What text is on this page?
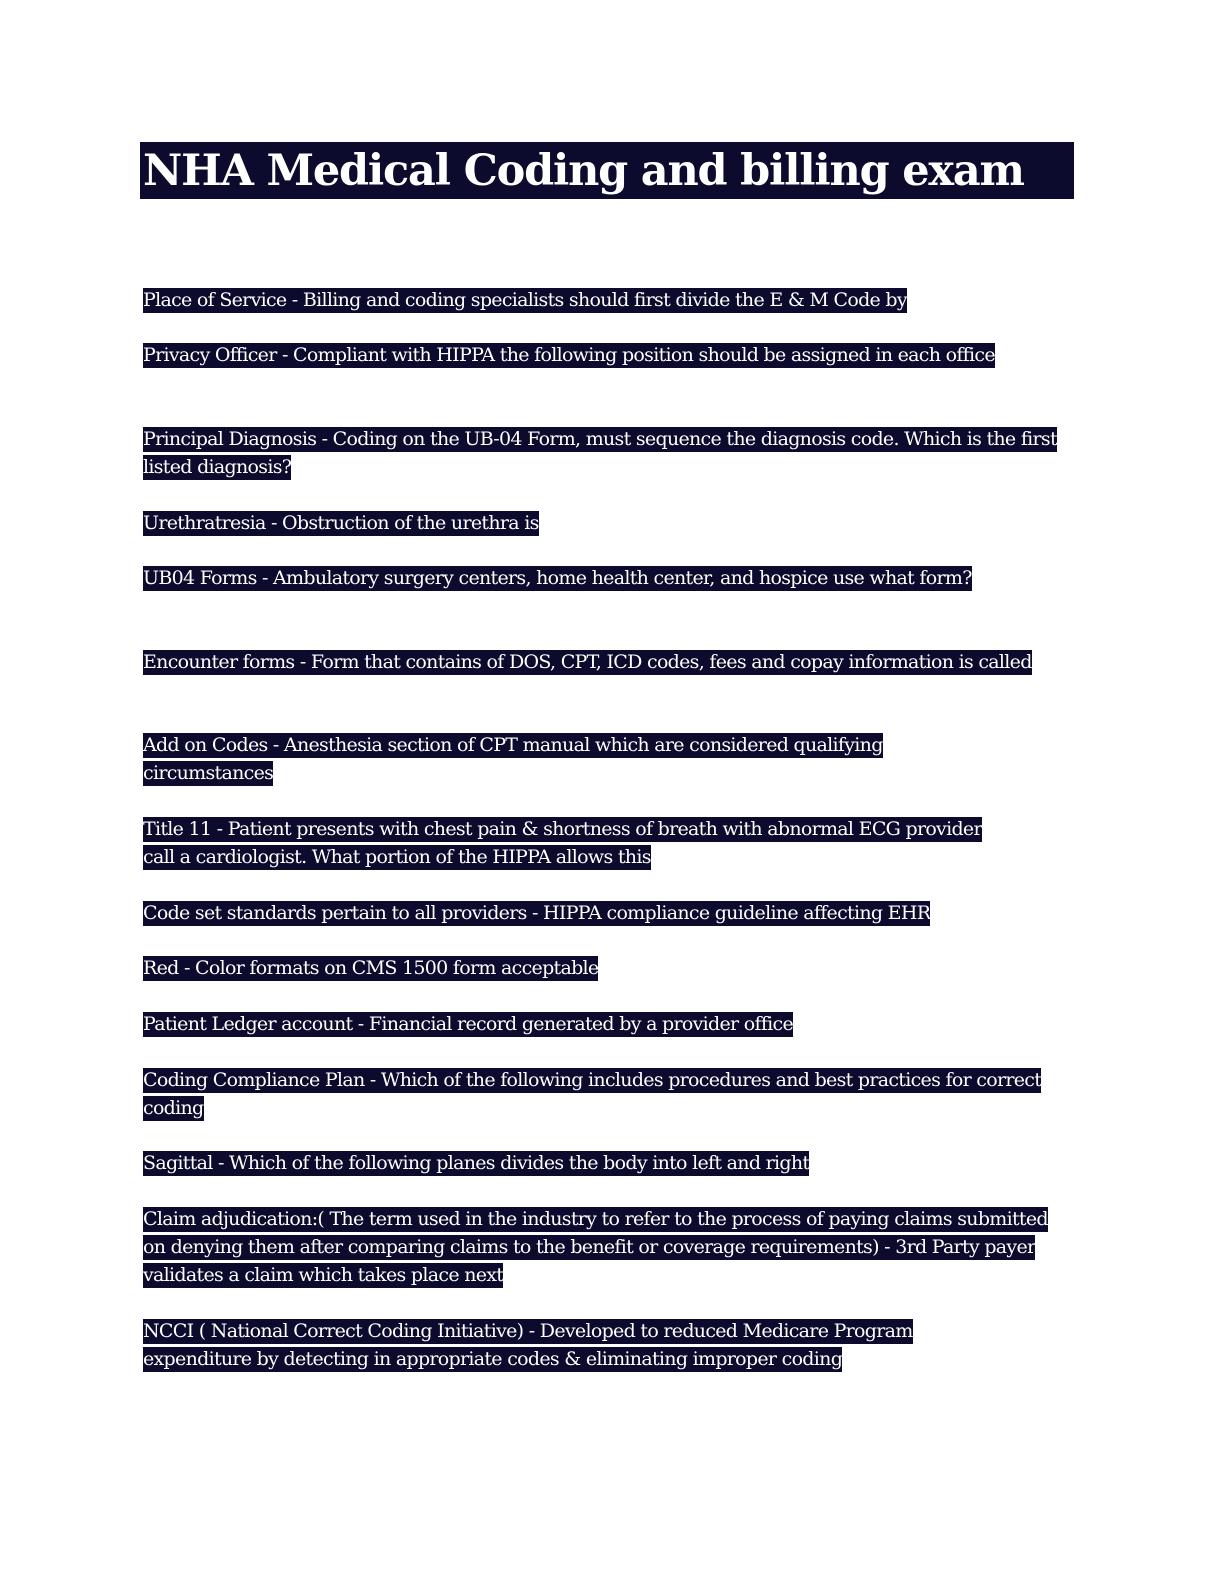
NHA Medical Coding and billing exam

Place of Service - Billing and coding specialists should first divide the E & M Code by

Privacy Officer - Compliant with HIPPA the following position should be assigned in each office

Principal Diagnosis - Coding on the UB-04 Form, must sequence the diagnosis code. Which is the first listed diagnosis?

Urethratresia - Obstruction of the urethra is

UB04 Forms - Ambulatory surgery centers, home health center, and hospice use what form?

Encounter forms - Form that contains of DOS, CPT, ICD codes, fees and copay information is called

Add on Codes - Anesthesia section of CPT manual which are considered qualifying circumstances

Title 11 - Patient presents with chest pain & shortness of breath with abnormal ECG provider call a cardiologist. What portion of the HIPPA allows this

Code set standards pertain to all providers - HIPPA compliance guideline affecting EHR

Red - Color formats on CMS 1500 form acceptable

Patient Ledger account - Financial record generated by a provider office

Coding Compliance Plan - Which of the following includes procedures and best practices for correct coding

Sagittal - Which of the following planes divides the body into left and right

Claim adjudication:( The term used in the industry to refer to the process of paying claims submitted on denying them after comparing claims to the benefit or coverage requirements) - 3rd Party payer validates a claim which takes place next

NCCI ( National Correct Coding Initiative) - Developed to reduced Medicare Program expenditure by detecting in appropriate codes & eliminating improper coding
